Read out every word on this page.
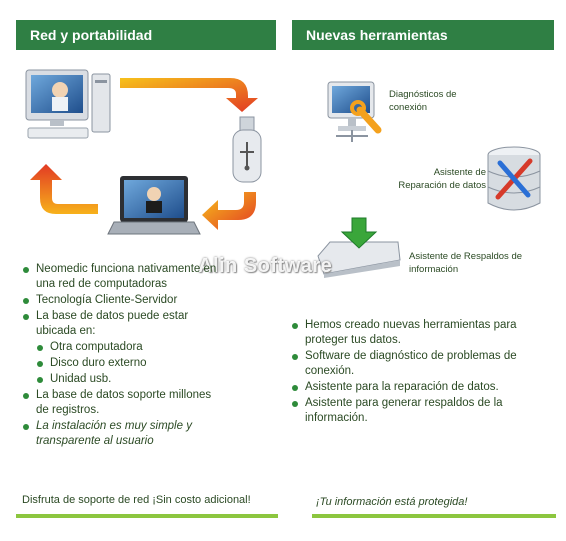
Red y portabilidad	Nuevas herramientas
Diagnósticos de conexión
Asistente de Reparación de datos
Asistente de Respaldos de información
Alin Software
Neomedic funciona nativamente en una red de computadoras
Tecnología Cliente-Servidor
La base de datos puede estar ubicada en:
Otra computadora
Disco duro externo
Unidad usb.
La base de datos soporte millones de registros.
La instalación es muy simple y transparente al usuario
Hemos creado nuevas herramientas para proteger tus datos.
Software de diagnóstico de problemas de conexión.
Asistente para la reparación de datos.
Asistente para generar respaldos de la información.
Disfruta de soporte de red ¡Sin costo adicional!	¡Tu información está protegida!
